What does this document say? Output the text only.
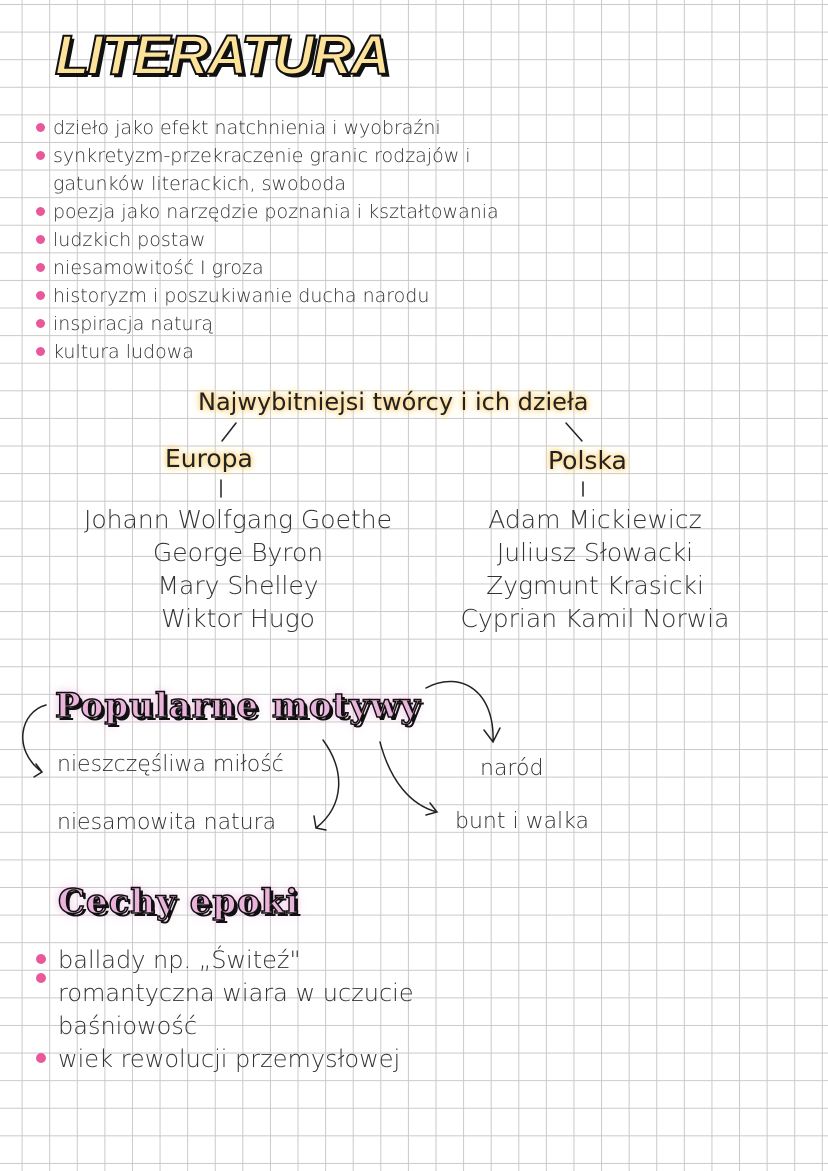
LITERATURA
dzieło jako efekt natchnienia i wyobraźni
synkretyzm-przekraczenie granic rodzajów i
gatunków literackich, swoboda
poezja jako narzędzie poznania i kształtowania
ludzkich postaw
niesamowitość I groza
historyzm i poszukiwanie ducha narodu
inspiracja naturą
kultura ludowa
Najwybitniejsi twórcy i ich dzieła
Europa	Polska
Johann Wolfgang Goethe
George Byron
Mary Shelley
Wiktor Hugo
Adam Mickiewicz
Juliusz Słowacki
Zygmunt Krasicki
Cyprian Kamil Norwia
Popularne motywy
nieszczęśliwa miłość
niesamowita natura
naród
bunt i walka
Cechy epoki
ballady np. „Świteź"
romantyczna wiara w uczucie
baśniowość
wiek rewolucji przemysłowej
